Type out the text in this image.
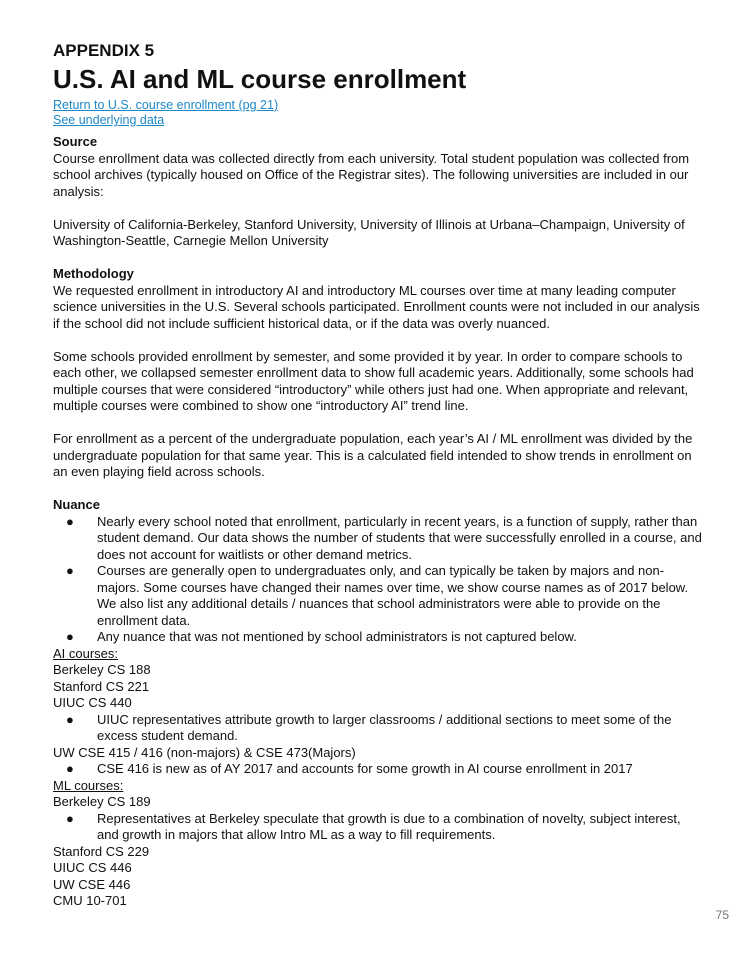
APPENDIX 5
U.S. AI and ML course enrollment
Return to U.S. course enrollment (pg 21)
See underlying data
Source

Course enrollment data was collected directly from each university. Total student population was collected from school archives (typically housed on Office of the Registrar sites). The following universities are included in our analysis:

University of California-Berkeley, Stanford University, University of Illinois at Urbana–Champaign, University of Washington-Seattle, Carnegie Mellon University

Methodology

We requested enrollment in introductory AI and introductory ML courses over time at many leading computer science universities in the U.S. Several schools participated. Enrollment counts were not included in our analysis if the school did not include sufficient historical data, or if the data was overly nuanced.

Some schools provided enrollment by semester, and some provided it by year. In order to compare schools to each other, we collapsed semester enrollment data to show full academic years. Additionally, some schools had multiple courses that were considered “introductory” while others just had one. When appropriate and relevant, multiple courses were combined to show one “introductory AI” trend line.

For enrollment as a percent of the undergraduate population, each year’s AI / ML enrollment was divided by the undergraduate population for that same year. This is a calculated field intended to show trends in enrollment on an even playing field across schools.

Nuance
● Nearly every school noted that enrollment, particularly in recent years, is a function of supply, rather than student demand. Our data shows the number of students that were successfully enrolled in a course, and does not account for waitlists or other demand metrics.
● Courses are generally open to undergraduates only, and can typically be taken by majors and non-majors. Some courses have changed their names over time, we show course names as of 2017 below. We also list any additional details / nuances that school administrators were able to provide on the enrollment data.
● Any nuance that was not mentioned by school administrators is not captured below.
AI courses:
Berkeley CS 188
Stanford CS 221
UIUC CS 440
● UIUC representatives attribute growth to larger classrooms / additional sections to meet some of the excess student demand.
UW CSE 415 / 416 (non-majors) & CSE 473(Majors)
● CSE 416 is new as of AY 2017 and accounts for some growth in AI course enrollment in 2017
ML courses:
Berkeley CS 189
● Representatives at Berkeley speculate that growth is due to a combination of novelty, subject interest, and growth in majors that allow Intro ML as a way to fill requirements.
Stanford CS 229
UIUC CS 446
UW CSE 446
CMU 10-701
75
